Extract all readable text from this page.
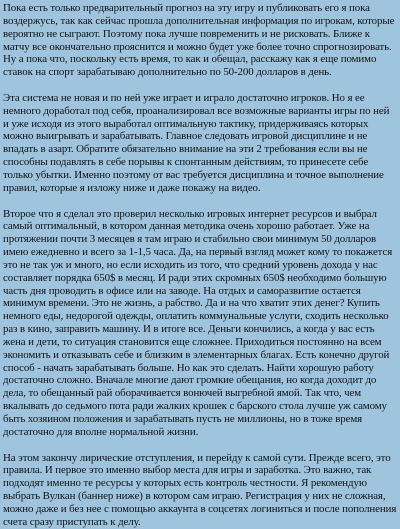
Пока есть только предварительный прогноз на эту игру и публиковать его я пока воздержусь, так как сейчас прошла дополнительная информация по игрокам, которые вероятно не сыграют. Поэтому пока лучше повременить и не рисковать. Ближе к матчу все окончательно прояснится и можно будет уже более точно спрогнозировать. Ну а пока что, поскольку есть время, то как и обещал, расскажу как я еще помимо ставок на спорт зарабатываю дополнительно по 50-200 долларов в день.

Эта система не новая и по ней уже играет и играло достаточно игроков. Но я ее немного доработал под себя, проанализировал все возможные варианты игры по ней и уже исходя из этого выработал оптимальную тактику, придерживаясь которых можно выигрывать и зарабатывать. Главное следовать игровой дисциплине и не впадать в азарт. Обратите обязательно внимание на эти 2 требования если вы не способны подавлять в себе порывы к спонтанным действиям, то принесете себе только убытки. Именно поэтому от вас требуется дисциплина и точное выполнение правил, которые я изложу ниже и даже покажу на видео.

Второе что я сделал это проверил несколько игровых интернет ресурсов и выбрал самый оптимальный, в котором данная методика очень хорошо работает. Уже на протяжении почти 3 месяцев я там играю и стабильно свои минимум 50 долларов имею ежедневно и всего за 1-1,5 часа. Да, на первый взгляд может кому то покажется это не так уж и много, но если исходить из того, что средний уровень дохода у нас составляет порядка 650$ в месяц. И ради этих скромных 650$ необходимо большую часть дня проводить в офисе или на заводе. На отдых и саморазвитие остается минимум времени. Это не жизнь, а рабство. Да и на что хватит этих денег? Купить немного еды, недорогой одежды, оплатить коммунальные услуги, сходить несколько раз в кино, заправить машину. И в итоге все. Деньги кончились, а когда у вас есть жена и дети, то ситуация становится еще сложнее. Приходиться постоянно на всем экономить и отказывать себе и близким в элементарных благах. Есть конечно другой способ - начать зарабатывать больше. Но как это сделать. Найти хорошую работу достаточно сложно. Вначале многие дают громкие обещания, но когда доходит до дела, то обещанный рай оборачивается вонючей выгребной ямой. Так что, чем вкалывать до седьмого пота ради жалких крошек с барского стола лучше уж самому быть хозяином положения и зарабатывать пусть не миллионы, но в тоже время достаточно для вполне нормальной жизни.

На этом закончу лирические отступления, и перейду к самой сути. Прежде всего, это правила. И первое это именно выбор места для игры и заработка. Это важно, так подходят именно те ресурсы у которых есть контроль честности. Я рекомендую выбрать Вулкан (баннер ниже) в котором сам играю. Регистрация у них не сложная, можно даже и без нее с помощью аккаунта в соцсетях логиниться и после пополнения счета сразу приступать к делу.
